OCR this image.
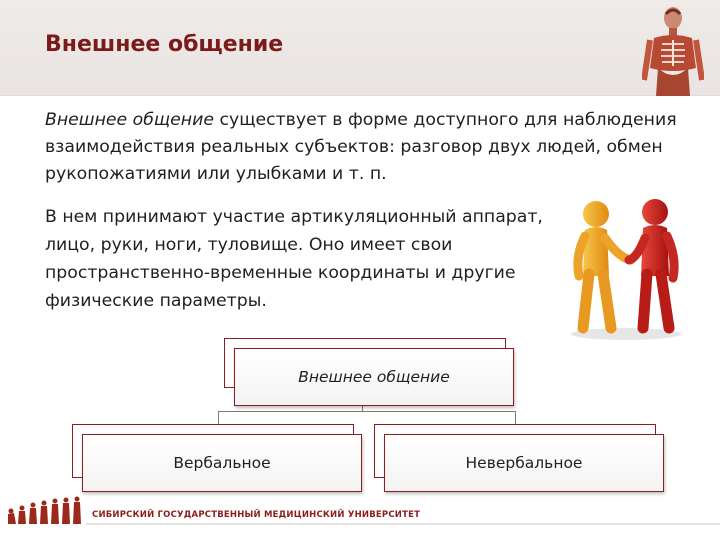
Внешнее общение
Внешнее общение существует в форме доступного для наблюдения взаимодействия реальных субъектов: разговор двух людей, обмен рукопожатиями или улыбками и т. п.
В нем принимают участие артикуляционный аппарат, лицо, руки, ноги, туловище. Оно имеет свои пространственно-временные координаты и другие физические параметры.
Внешнее общение
Вербальное	Невербальное
СИБИРСКИЙ ГОСУДАРСТВЕННЫЙ МЕДИЦИНСКИЙ УНИВЕРСИТЕТ
